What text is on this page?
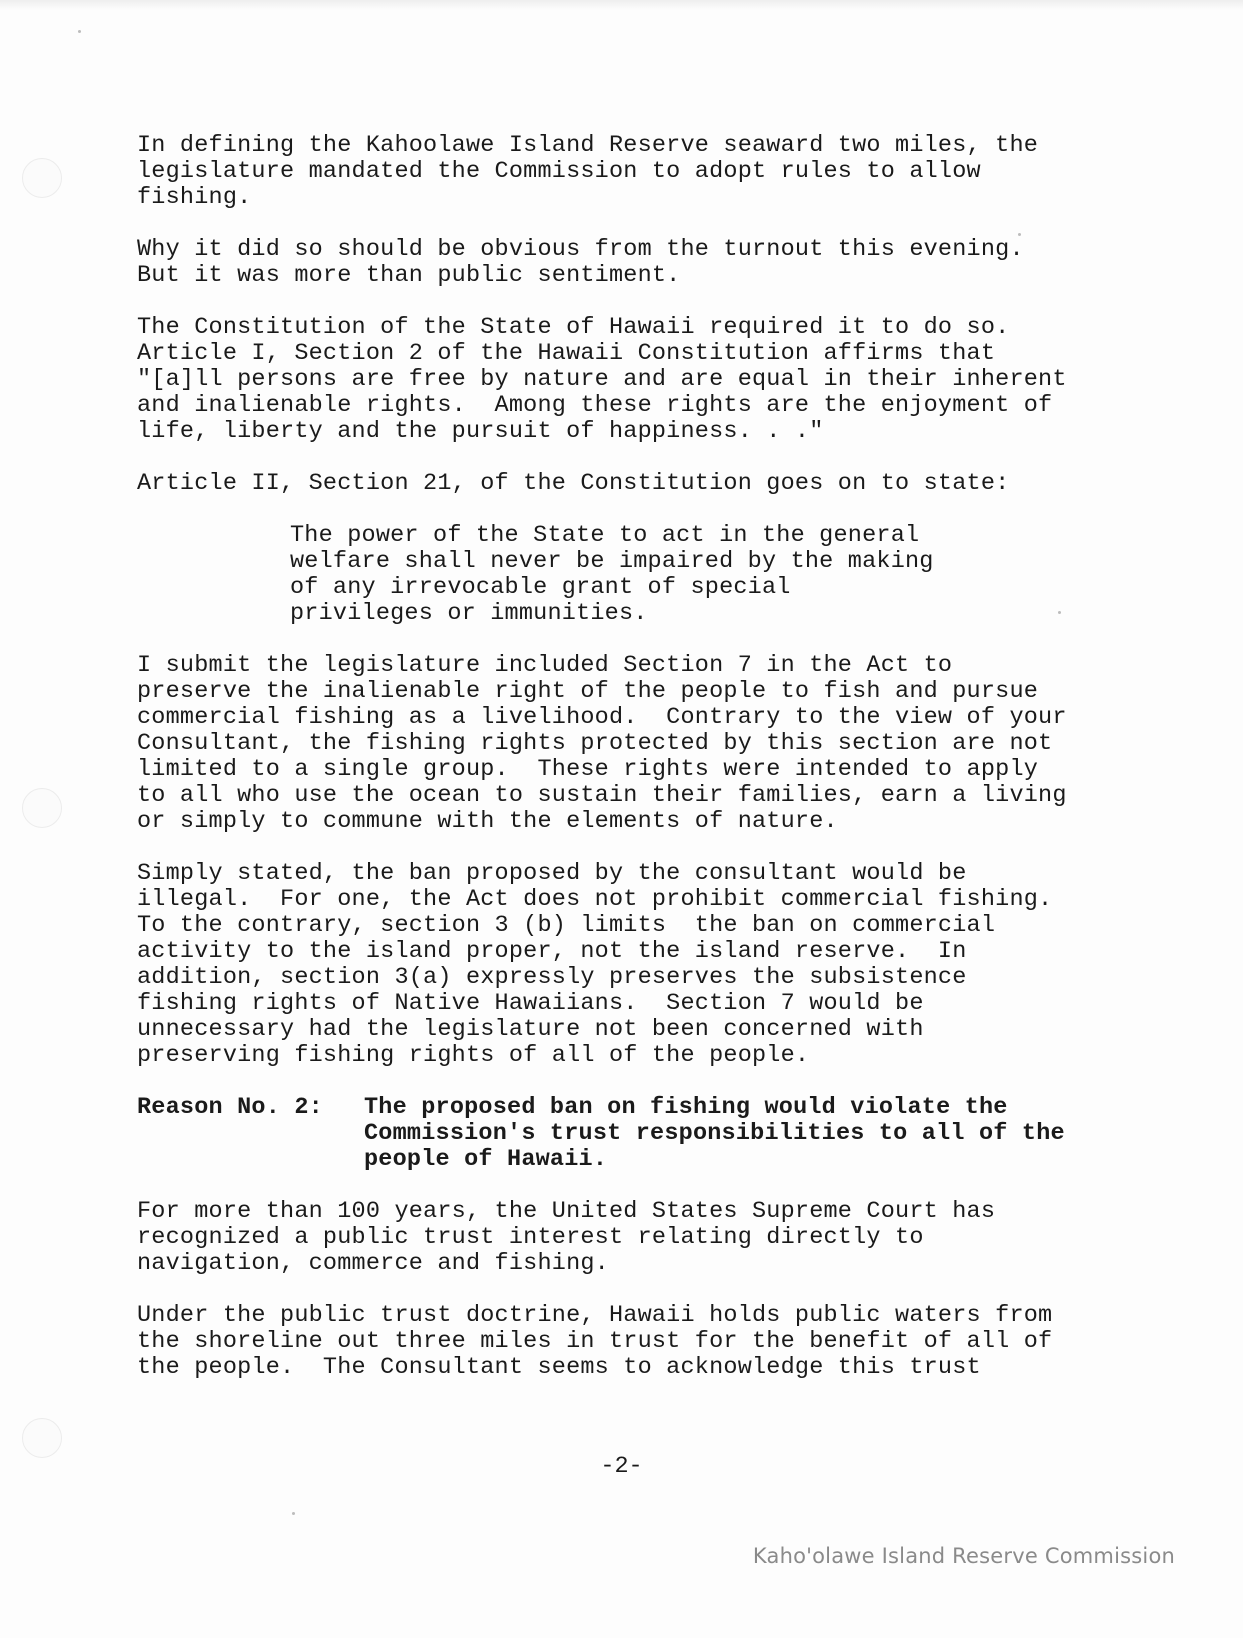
In defining the Kahoolawe Island Reserve seaward two miles, the
legislature mandated the Commission to adopt rules to allow
fishing.

Why it did so should be obvious from the turnout this evening.
But it was more than public sentiment.

The Constitution of the State of Hawaii required it to do so.
Article I, Section 2 of the Hawaii Constitution affirms that
"[a]ll persons are free by nature and are equal in their inherent
and inalienable rights.  Among these rights are the enjoyment of
life, liberty and the pursuit of happiness. . ."

Article II, Section 21, of the Constitution goes on to state:

The power of the State to act in the general
welfare shall never be impaired by the making
of any irrevocable grant of special
privileges or immunities.

I submit the legislature included Section 7 in the Act to
preserve the inalienable right of the people to fish and pursue
commercial fishing as a livelihood.  Contrary to the view of your
Consultant, the fishing rights protected by this section are not
limited to a single group.  These rights were intended to apply
to all who use the ocean to sustain their families, earn a living
or simply to commune with the elements of nature.

Simply stated, the ban proposed by the consultant would be
illegal.  For one, the Act does not prohibit commercial fishing.
To the contrary, section 3 (b) limits  the ban on commercial
activity to the island proper, not the island reserve.  In
addition, section 3(a) expressly preserves the subsistence
fishing rights of Native Hawaiians.  Section 7 would be
unnecessary had the legislature not been concerned with
preserving fishing rights of all of the people.

Reason No. 2: The proposed ban on fishing would violate the
Commission's trust responsibilities to all of the
people of Hawaii.

For more than 100 years, the United States Supreme Court has
recognized a public trust interest relating directly to
navigation, commerce and fishing.

Under the public trust doctrine, Hawaii holds public waters from
the shoreline out three miles in trust for the benefit of all of
the people.  The Consultant seems to acknowledge this trust

-2-
Kaho'olawe Island Reserve Commission
